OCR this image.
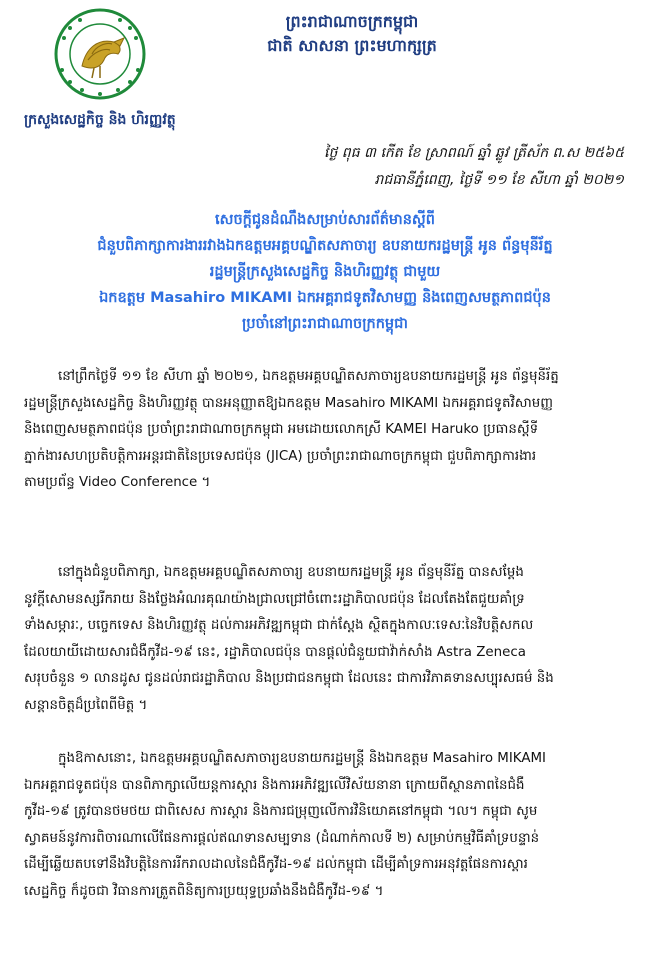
ក្រសួងសេដ្ឋកិច្ច និង ហិរញ្ញវត្ថុ
ព្រះរាជាណាចក្រកម្ពុជា
ជាតិ សាសនា ព្រះមហាក្សត្រ
ថ្ងៃ ពុធ ៣ កើត ខែ ស្រាពណ៍ ឆ្នាំ ឆ្លូវ ត្រីស័ក ព.ស ២៥៦៥
រាជធានីភ្នំពេញ, ថ្ងៃទី ១១ ខែ សីហា ឆ្នាំ ២០២១
សេចក្តីជូនដំណឹងសម្រាប់សារព័ត៌មានស្តីពី
ជំនួបពិភាក្សាការងាររវាងឯកឧត្តមអគ្គបណ្ឌិតសភាចារ្យ ឧបនាយករដ្ឋមន្ត្រី អូន ព័ន្ធមុនីរ័ត្ន
រដ្ឋមន្ត្រីក្រសួងសេដ្ឋកិច្ច និងហិរញ្ញវត្ថុ ជាមួយ
ឯកឧត្តម Masahiro MIKAMI ឯកអគ្គរាជទូតវិសាមញ្ញ និងពេញសមត្ថភាពជប៉ុន
ប្រចាំនៅព្រះរាជាណាចក្រកម្ពុជា
នៅព្រឹកថ្ងៃទី ១១ ខែ សីហា ឆ្នាំ ២០២១, ឯកឧត្តមអគ្គបណ្ឌិតសភាចារ្យឧបនាយករដ្ឋមន្ត្រី អូន ព័ន្ធមុនីរ័ត្ន
រដ្ឋមន្ត្រីក្រសួងសេដ្ឋកិច្ច និងហិរញ្ញវត្ថុ បានអនុញ្ញាតឱ្យឯកឧត្តម Masahiro MIKAMI ឯកអគ្គរាជទូតវិសាមញ្ញ
និងពេញសមត្ថភាពជប៉ុន ប្រចាំព្រះរាជាណាចក្រកម្ពុជា អមដោយលោកស្រី KAMEI Haruko ប្រធានស្ដីទី
ភ្នាក់ងារសហប្រតិបត្តិការអន្តរជាតិនៃប្រទេសជប៉ុន (JICA) ប្រចាំព្រះរាជាណាចក្រកម្ពុជា ជួបពិភាក្សាការងារ
តាមប្រព័ន្ធ Video Conference ។
នៅក្នុងជំនួបពិភាក្សា, ឯកឧត្តមអគ្គបណ្ឌិតសភាចារ្យ ឧបនាយករដ្ឋមន្ត្រី អូន ព័ន្ធមុនីរ័ត្ន បានសម្តែង
នូវក្តីសោមនស្សរីករាយ និងថ្លែងអំណរគុណយ៉ាងជ្រាលជ្រៅចំពោះរដ្ឋាភិបាលជប៉ុន ដែលតែងតែជួយគាំទ្រ
ទាំងសម្ភារៈ, បច្ចេកទេស និងហិរញ្ញវត្ថុ ដល់ការអភិវឌ្ឍកម្ពុជា ជាក់ស្តែង ស្ថិតក្នុងកាលៈទេសៈនៃវិបត្តិសកល
ដែលយាយីដោយសារជំងឺកូវីដ-១៩ នេះ, រដ្ឋាភិបាលជប៉ុន បានផ្តល់ជំនួយជាវ៉ាក់សាំង Astra Zeneca
សរុបចំនួន ១ លានដូស ជូនដល់រាជរដ្ឋាភិបាល និងប្រជាជនកម្ពុជា ដែលនេះ ជាការវិភាគទានសប្បុរសធម៌ និង
សន្តានចិត្តដ៏ប្រពៃពីមិត្ត ។
ក្នុងឱកាសនោះ, ឯកឧត្តមអគ្គបណ្ឌិតសភាចារ្យឧបនាយករដ្ឋមន្ត្រី និងឯកឧត្តម Masahiro MIKAMI
ឯកអគ្គរាជទូតជប៉ុន បានពិភាក្សាលើយន្តការស្តារ និងការអភិវឌ្ឍលើវិស័យនានា ក្រោយពីស្ថានភាពនៃជំងឺ
កូវីដ-១៩ ត្រូវបានថមថយ ជាពិសេស ការស្តារ និងការជម្រុញលើការវិនិយោគនៅកម្ពុជា ។ល។ កម្ពុជា សូម
ស្វាគមន៍នូវការពិចារណាលើផែនការផ្តល់ឥណទានសម្បទាន (ដំណាក់កាលទី ២) សម្រាប់កម្មវិធីគាំទ្របន្ទាន់
ដើម្បីឆ្លើយតបទៅនឹងវិបត្តិនៃការរីករាលដាលនៃជំងឺកូវីដ-១៩ ដល់កម្ពុជា ដើម្បីគាំទ្រការអនុវត្តផែនការស្តារ
សេដ្ឋកិច្ច ក៏ដូចជា វិធានការត្រួតពិនិត្យការប្រយុទ្ធប្រឆាំងនឹងជំងឺកូវីដ-១៩ ។
